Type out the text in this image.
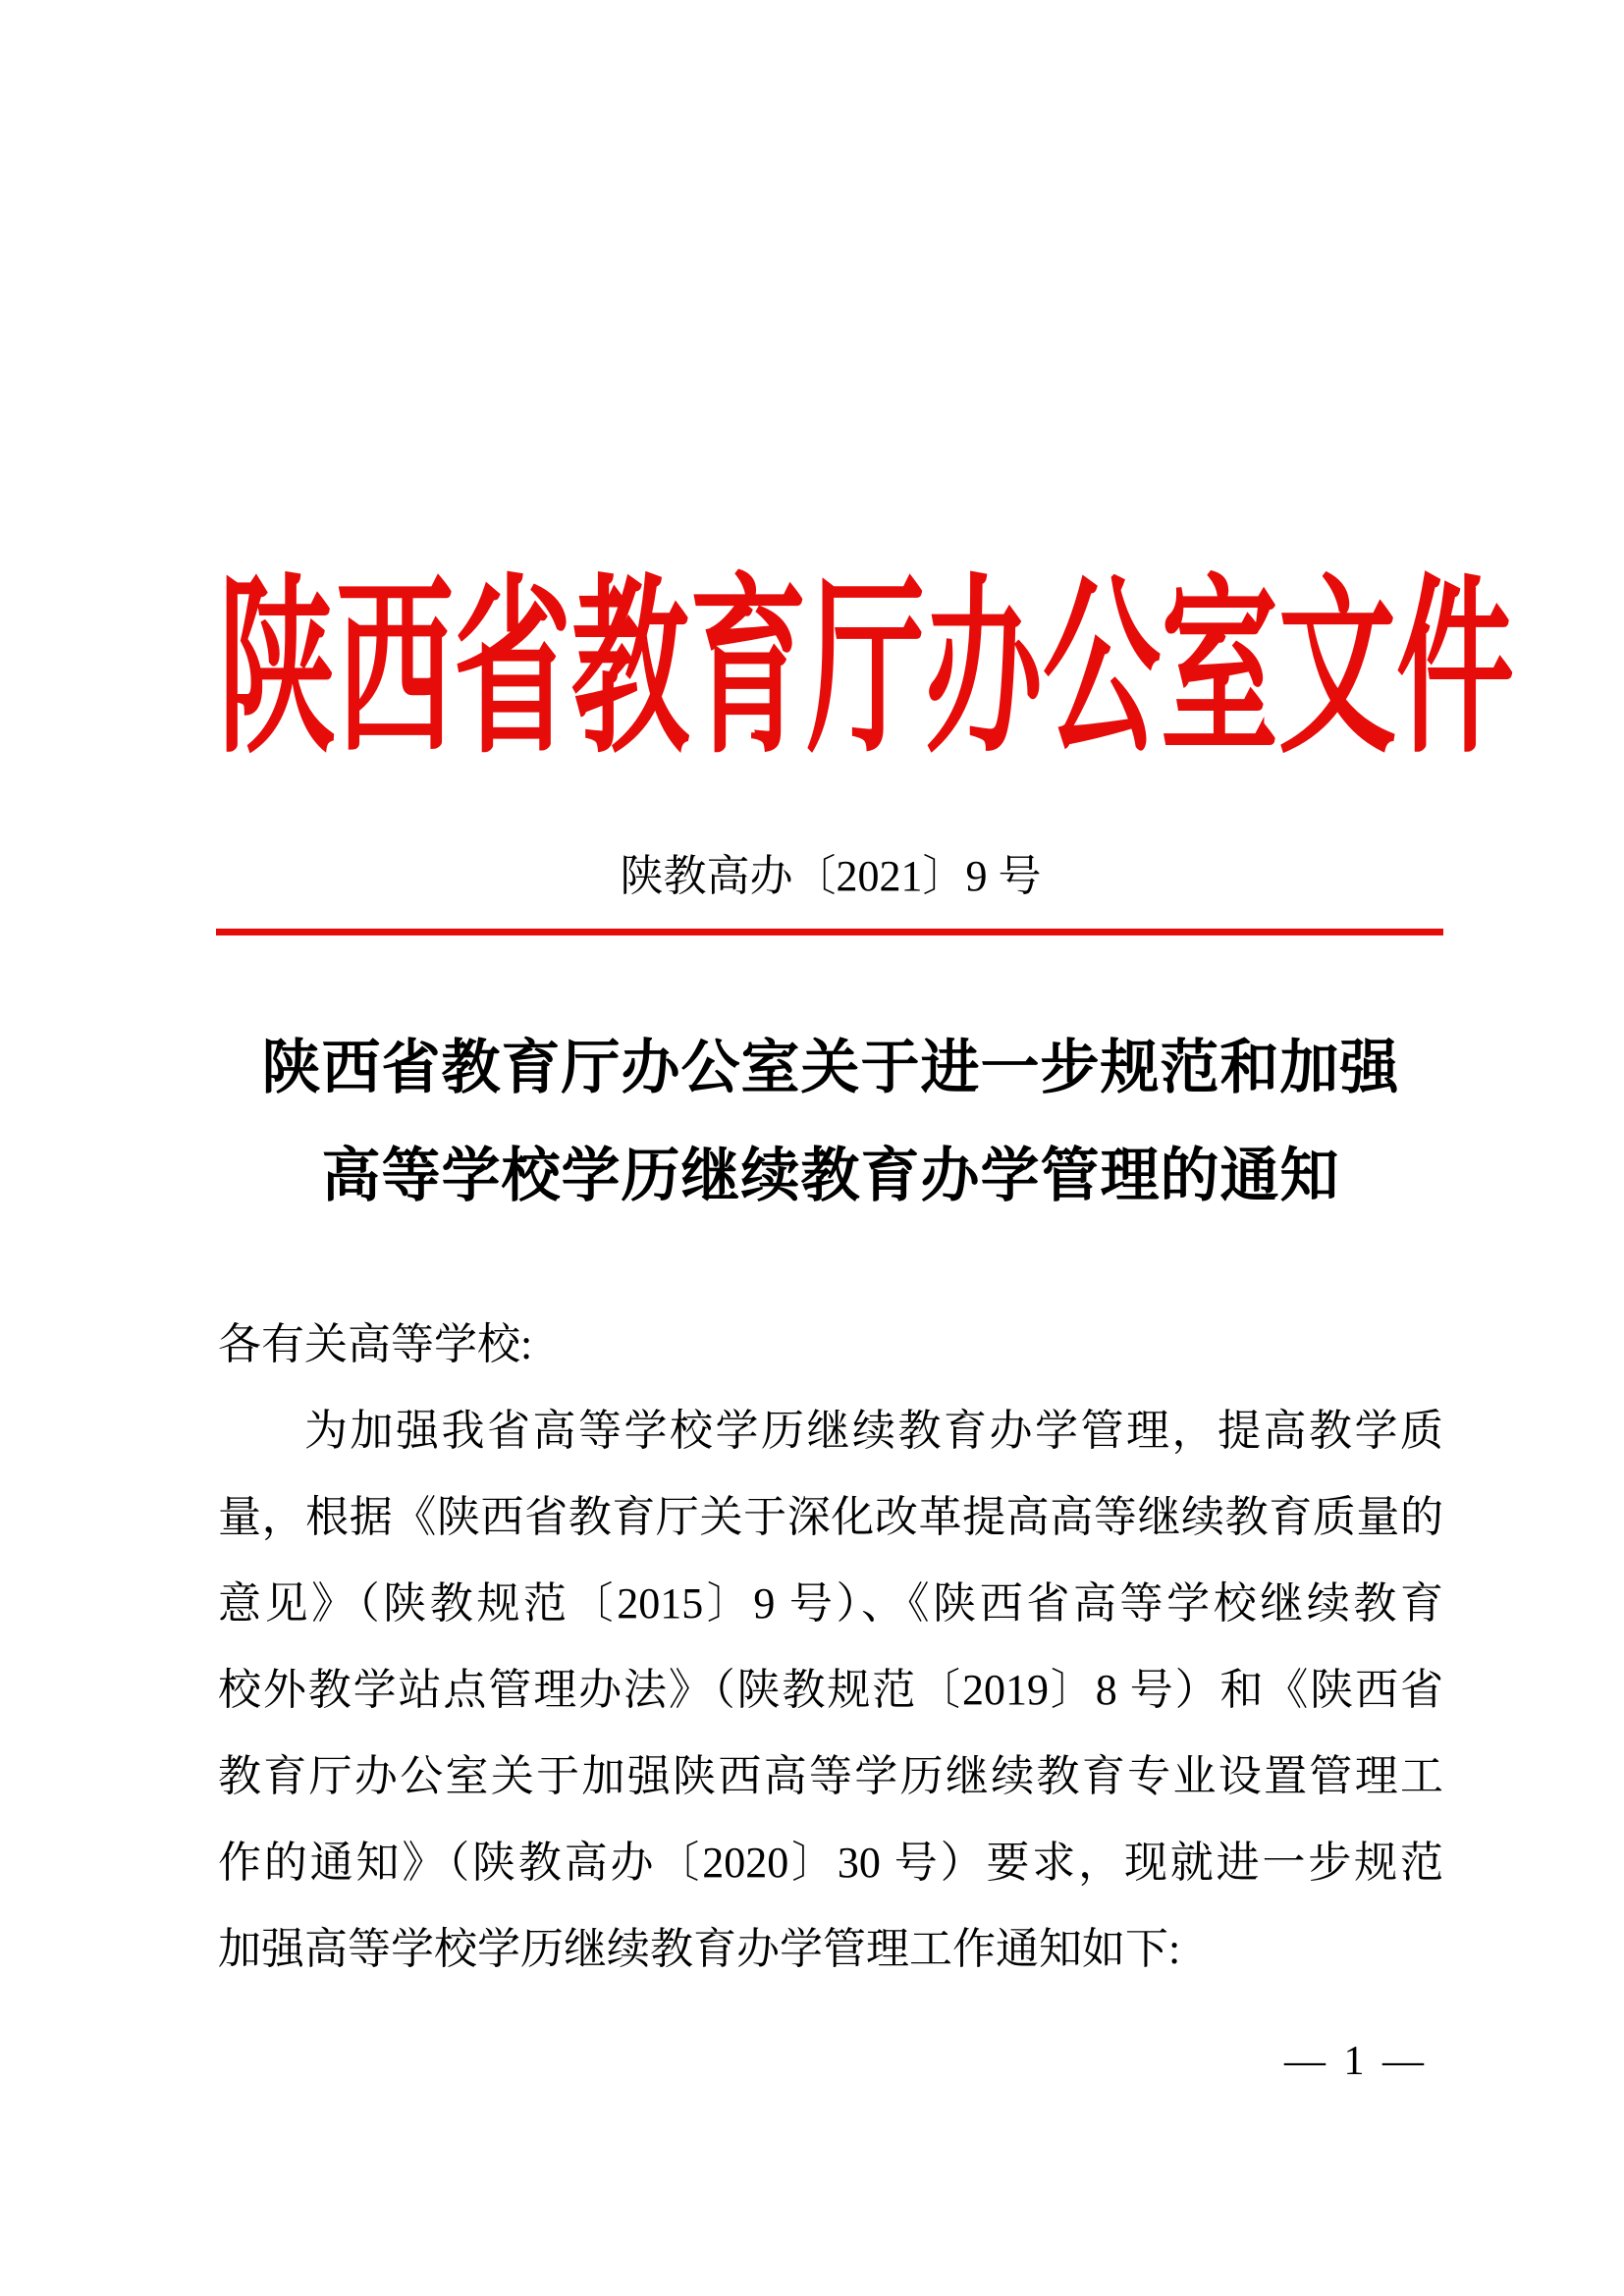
陕西省教育厅办公室文件
陕教高办〔2021〕9 号
陕西省教育厅办公室关于进一步规范和加强
高等学校学历继续教育办学管理的通知
各有关高等学校:
为加强我省高等学校学历继续教育办学管理，提高教学质
量，根据《陕西省教育厅关于深化改革提高高等继续教育质量的
意见》（陕教规范〔2015〕9 号）、《陕西省高等学校继续教育
校外教学站点管理办法》（陕教规范〔2019〕8 号）和《陕西省
教育厅办公室关于加强陕西高等学历继续教育专业设置管理工
作的通知》（陕教高办〔2020〕30 号）要求，现就进一步规范
加强高等学校学历继续教育办学管理工作通知如下:
— 1 —
